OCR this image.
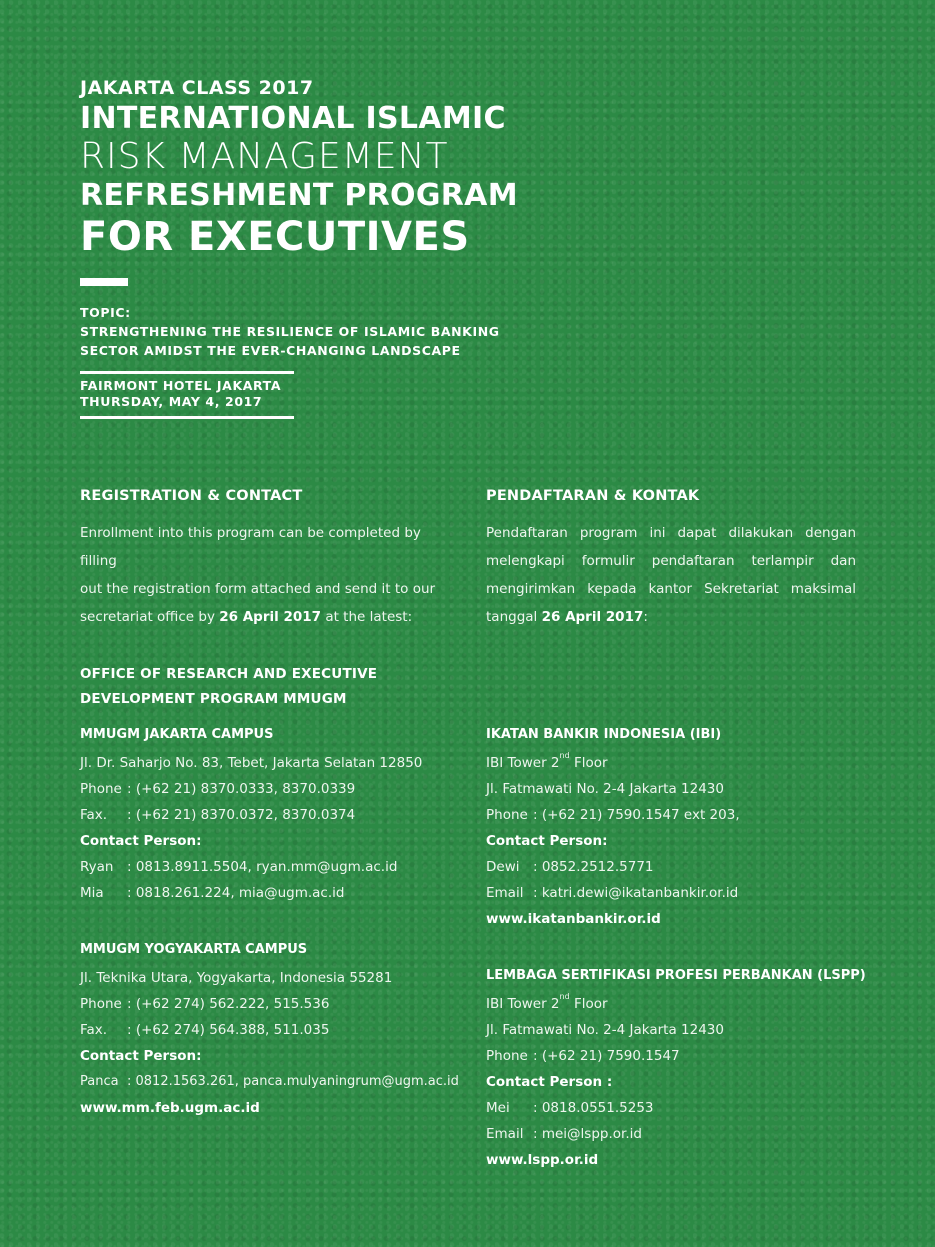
JAKARTA CLASS 2017
INTERNATIONAL ISLAMIC
RISK MANAGEMENT
REFRESHMENT PROGRAM
FOR EXECUTIVES
TOPIC:
STRENGTHENING THE RESILIENCE OF ISLAMIC BANKING
SECTOR AMIDST THE EVER-CHANGING LANDSCAPE
FAIRMONT HOTEL JAKARTA
THURSDAY, MAY 4, 2017
REGISTRATION & CONTACT
Enrollment into this program can be completed by filling
out the registration form attached and send it to our
secretariat office by 26 April 2017 at the latest:
PENDAFTARAN & KONTAK
Pendaftaran program ini dapat dilakukan dengan
melengkapi formulir pendaftaran terlampir dan
mengirimkan kepada kantor Sekretariat maksimal
tanggal 26 April 2017:
OFFICE OF RESEARCH AND EXECUTIVE
DEVELOPMENT PROGRAM MMUGM
MMUGM JAKARTA CAMPUS
Jl. Dr. Saharjo No. 83, Tebet, Jakarta Selatan 12850
Phone : (+62 21) 8370.0333, 8370.0339
Fax. : (+62 21) 8370.0372, 8370.0374
Contact Person:
Ryan : 0813.8911.5504, ryan.mm@ugm.ac.id
Mia : 0818.261.224, mia@ugm.ac.id
MMUGM YOGYAKARTA CAMPUS
Jl. Teknika Utara, Yogyakarta, Indonesia 55281
Phone : (+62 274) 562.222, 515.536
Fax. : (+62 274) 564.388, 511.035
Contact Person:
Panca : 0812.1563.261, panca.mulyaningrum@ugm.ac.id
www.mm.feb.ugm.ac.id
IKATAN BANKIR INDONESIA (IBI)
IBI Tower 2nd Floor
Jl. Fatmawati No. 2-4 Jakarta 12430
Phone : (+62 21) 7590.1547 ext 203,
Contact Person:
Dewi : 0852.2512.5771
Email : katri.dewi@ikatanbankir.or.id
www.ikatanbankir.or.id
LEMBAGA SERTIFIKASI PROFESI PERBANKAN (LSPP)
IBI Tower 2nd Floor
Jl. Fatmawati No. 2-4 Jakarta 12430
Phone : (+62 21) 7590.1547
Contact Person :
Mei : 0818.0551.5253
Email : mei@lspp.or.id
www.lspp.or.id
